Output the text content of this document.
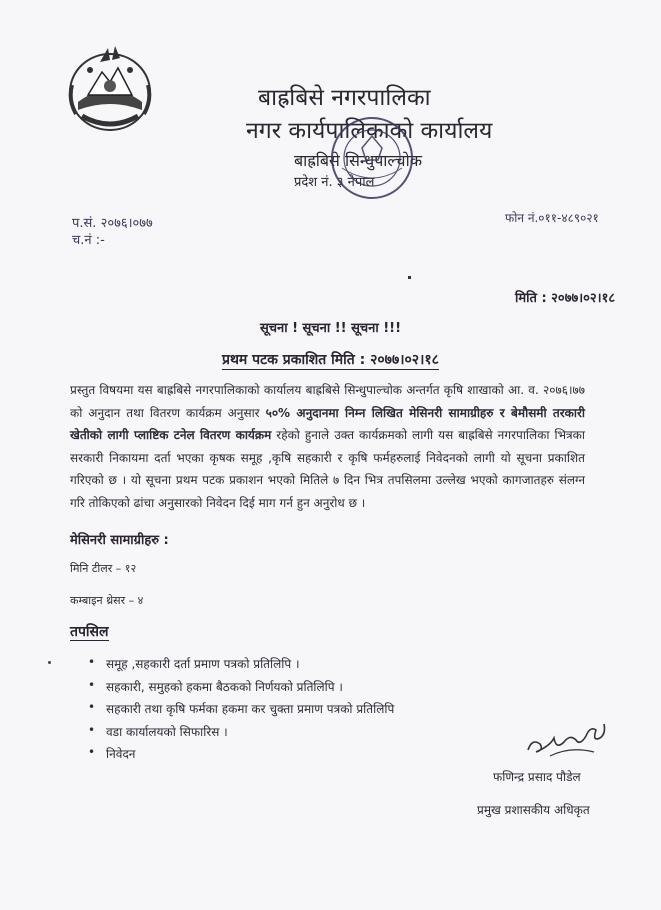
बाह्रबिसे नगरपालिका
नगर कार्यपालिकाको कार्यालय
बाह्रबिसे सिन्धुपाल्चोक
प्रदेश नं. ३ नेपाल
प.सं. २०७६।०७७
च.नं :-
फोन नं.०११-४८९०२१
मिति : २०७७।०२।१८
सूचना ! सूचना !! सूचना !!!
प्रथम पटक प्रकाशित मिति : २०७७।०२।१८
प्रस्तुत विषयमा यस बाह्रबिसे नगरपालिकाको कार्यालय बाह्रबिसे सिन्धुपाल्चोक अन्तर्गत कृषि शाखाको आ. व. २०७६।७७ को अनुदान तथा वितरण कार्यक्रम अनुसार ५०% अनुदानमा निम्न लिखित मेसिनरी सामाग्रीहरु र बेमौसमी तरकारी खेतीको लागी प्लाष्टिक टनेल वितरण कार्यक्रम रहेको हुनाले उक्त कार्यक्रमको लागी यस बाह्रबिसे नगरपालिका भित्रका सरकारी निकायमा दर्ता भएका कृषक समूह ,कृषि सहकारी र कृषि फर्महरुलाई निवेदनको लागी यो सूचना प्रकाशित गरिएको छ । यो सूचना प्रथम पटक प्रकाशन भएको मितिले ७ दिन भित्र तपसिलमा उल्लेख भएको कागजातहरु संलग्न गरि तोकिएको ढांचा अनुसारको निवेदन दिई माग गर्न हुन अनुरोध छ ।
मेसिनरी सामाग्रीहरु :
मिनि टीलर – १२
कम्बाइन थ्रेसर – ४
तपसिल
• समूह ,सहकारी दर्ता प्रमाण पत्रको प्रतिलिपि ।
• सहकारी, समुहको हकमा बैठकको निर्णयको प्रतिलिपि ।
• सहकारी तथा कृषि फर्मका हकमा कर चुक्ता प्रमाण पत्रको प्रतिलिपि
• वडा कार्यालयको सिफारिस ।
• निवेदन
फणिन्द्र प्रसाद पौडेल
प्रमुख प्रशासकीय अधिकृत
